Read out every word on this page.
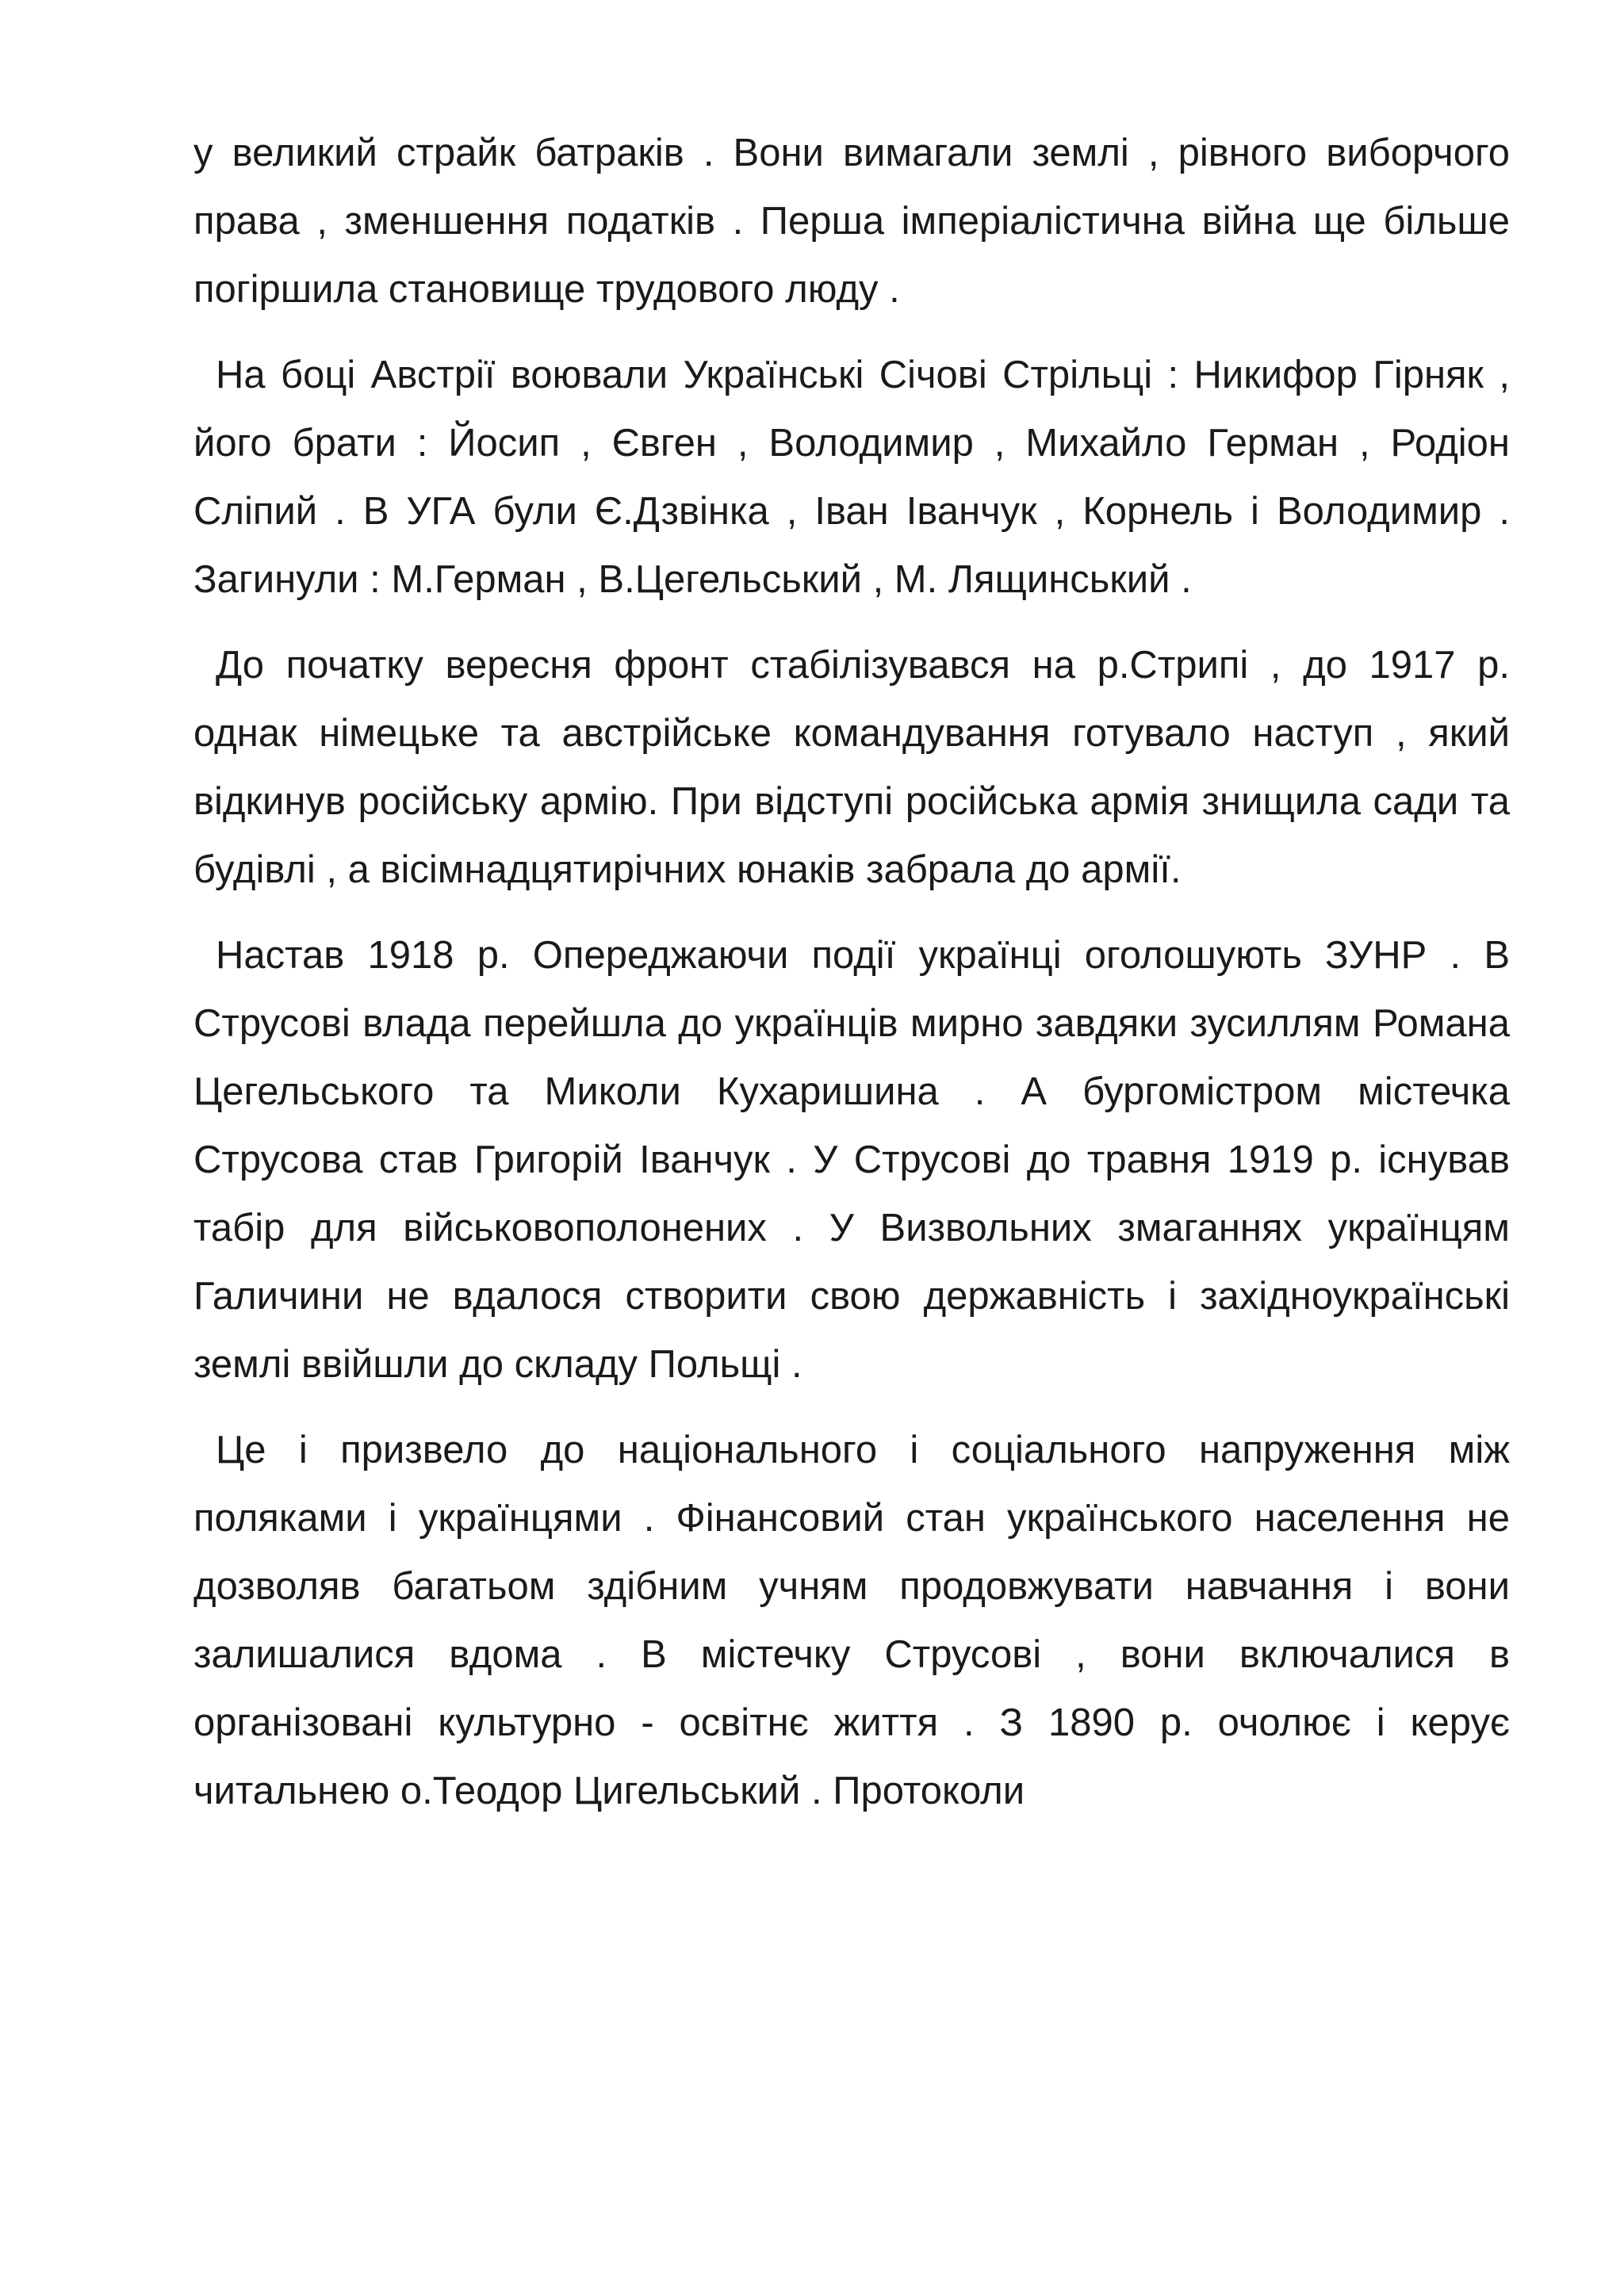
у великий страйк батраків . Вони вимагали землі , рівного виборчого права , зменшення податків . Перша імперіалістична війна ще більше погіршила становище трудового люду .

На боці Австрії воювали Українські Січові Стрільці : Никифор Гірняк , його брати : Йосип , Євген , Володимир , Михайло Герман , Родіон Сліпий . В УГА були Є.Дзвінка , Іван Іванчук , Корнель і Володимир . Загинули : М.Герман , В.Цегельський , М. Лящинський .

До початку вересня фронт стабілізувався на р.Стрипі , до 1917 р. однак німецьке та австрійське командування готувало наступ , який відкинув російську армію. При відступі російська армія знищила сади та будівлі , а вісімнадцятирічних юнаків забрала до армії.

Настав 1918 р. Опереджаючи події українці оголошують ЗУНР . В Струсові влада перейшла до українців мирно завдяки зусиллям Романа Цегельського та Миколи Кухаришина . А бургомістром містечка Струсова став Григорій Іванчук . У Струсові до травня 1919 р. існував табір для військовополонених . У Визвольних змаганнях українцям Галичини не вдалося створити свою державність і західноукраїнські землі ввійшли до складу Польщі .

Це і призвело до національного і соціального напруження між поляками і українцями . Фінансовий стан українського населення не дозволяв багатьом здібним учням продовжувати навчання і вони залишалися вдома . В містечку Струсові , вони включалися в організовані культурно - освітнє життя . З 1890 р. очолює і керує читальнею о.Теодор Цигельський . Протоколи
